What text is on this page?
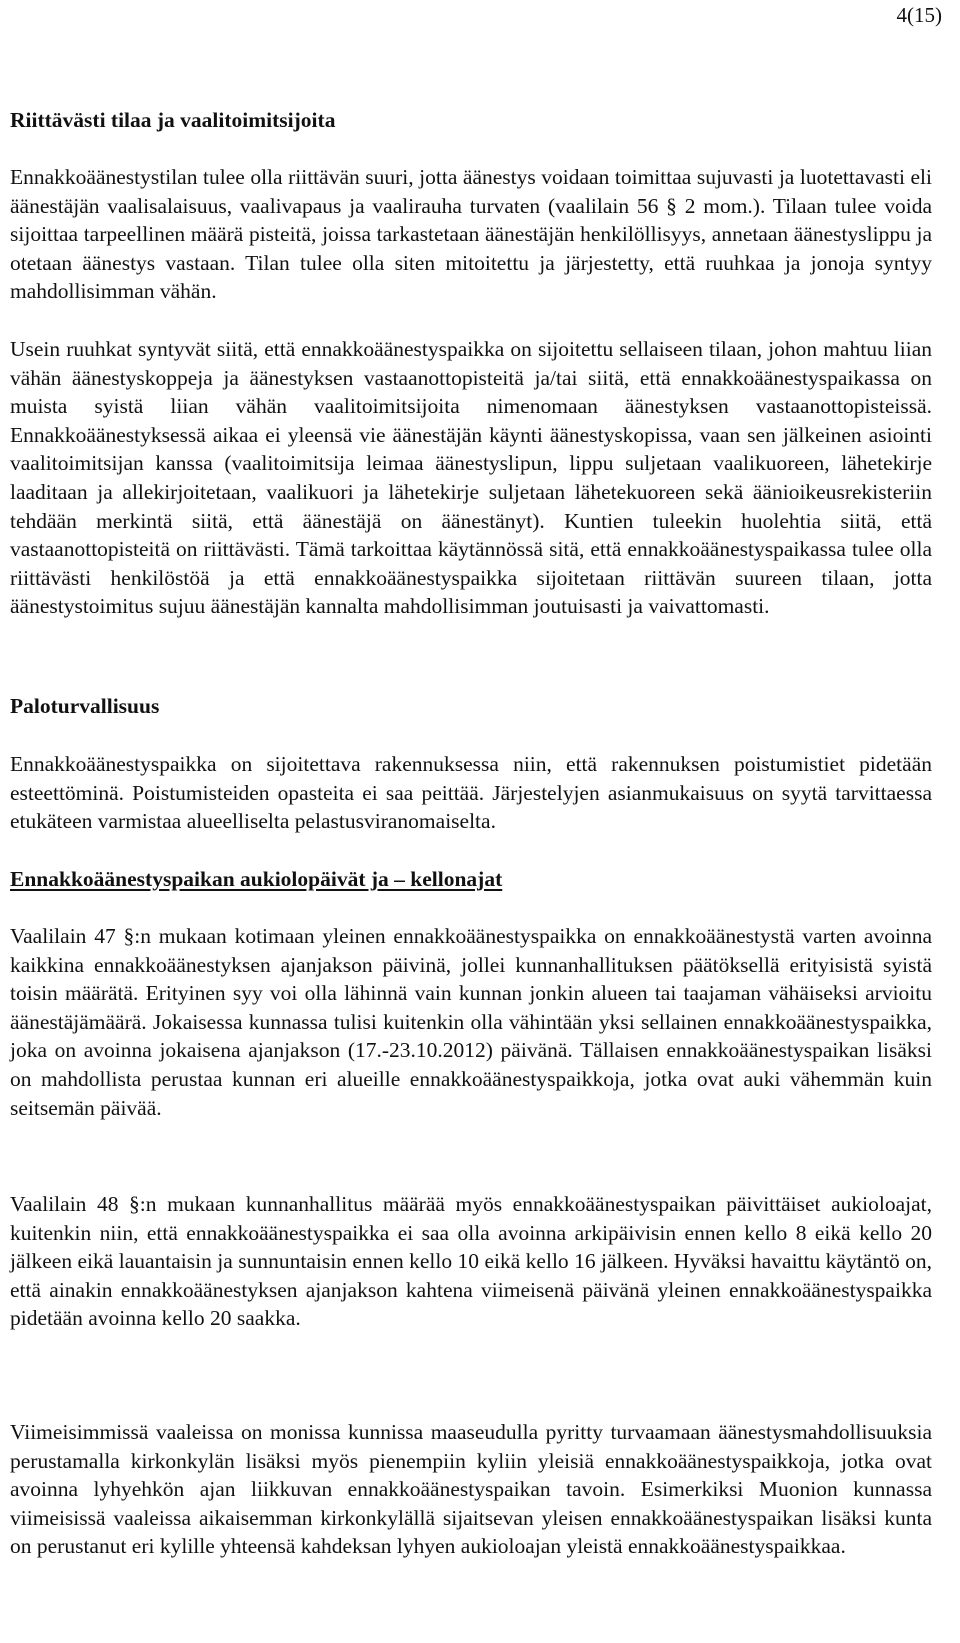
4(15)
Riittävästi tilaa ja vaalitoimitsijoita

Ennakkoäänestystilan tulee olla riittävän suuri, jotta äänestys voidaan toimittaa sujuvasti ja luotettavasti eli äänestäjän vaalisalaisuus, vaalivapaus ja vaalirauha turvaten (vaalilain 56 § 2 mom.). Tilaan tulee voida sijoittaa tarpeellinen määrä pisteitä, joissa tarkastetaan äänestäjän henkilöllisyys, annetaan äänestyslippu ja otetaan äänestys vastaan. Tilan tulee olla siten mitoitettu ja järjestetty, että ruuhkaa ja jonoja syntyy mahdollisimman vähän.

Usein ruuhkat syntyvät siitä, että ennakkoäänestyspaikka on sijoitettu sellaiseen tilaan, johon mahtuu liian vähän äänestyskoppeja ja äänestyksen vastaanottopisteitä ja/tai siitä, että ennakkoäänestyspaikassa on muista syistä liian vähän vaalitoimitsijoita nimenomaan äänestyksen vastaanottopisteissä. Ennakkoäänestyksessä aikaa ei yleensä vie äänestäjän käynti äänestyskopissa, vaan sen jälkeinen asiointi vaalitoimitsijan kanssa (vaalitoimitsija leimaa äänestyslipun, lippu suljetaan vaalikuoreen, lähetekirje laaditaan ja allekirjoitetaan, vaalikuori ja lähetekirje suljetaan lähetekuoreen sekä äänioikeusrekisteriin tehdään merkintä siitä, että äänestäjä on äänestänyt). Kuntien tuleekin huolehtia siitä, että vastaanottopisteitä on riittävästi. Tämä tarkoittaa käytännössä sitä, että ennakkoäänestyspaikassa tulee olla riittävästi henkilöstöä ja että ennakkoäänestyspaikka sijoitetaan riittävän suureen tilaan, jotta äänestystoimitus sujuu äänestäjän kannalta mahdollisimman joutuisasti ja vaivattomasti.

Paloturvallisuus

Ennakkoäänestyspaikka on sijoitettava rakennuksessa niin, että rakennuksen poistumistiet pidetään esteettöminä. Poistumisteiden opasteita ei saa peittää. Järjestelyjen asianmukaisuus on syytä tarvittaessa etukäteen varmistaa alueelliselta pelastusviranomaiselta.

Ennakkoäänestyspaikan aukiolopäivät ja – kellonajat

Vaalilain 47 §:n mukaan kotimaan yleinen ennakkoäänestyspaikka on ennakkoäänestystä varten avoinna kaikkina ennakkoäänestyksen ajanjakson päivinä, jollei kunnanhallituksen päätöksellä erityisistä syistä toisin määrätä. Erityinen syy voi olla lähinnä vain kunnan jonkin alueen tai taajaman vähäiseksi arvioitu äänestäjämäärä. Jokaisessa kunnassa tulisi kuitenkin olla vähintään yksi sellainen ennakkoäänestyspaikka, joka on avoinna jokaisena ajanjakson (17.-23.10.2012) päivänä. Tällaisen ennakkoäänestyspaikan lisäksi on mahdollista perustaa kunnan eri alueille ennakkoäänestyspaikkoja, jotka ovat auki vähemmän kuin seitsemän päivää.

Vaalilain 48 §:n mukaan kunnanhallitus määrää myös ennakkoäänestyspaikan päivittäiset aukioloajat, kuitenkin niin, että ennakkoäänestyspaikka ei saa olla avoinna arkipäivisin ennen kello 8 eikä kello 20 jälkeen eikä lauantaisin ja sunnuntaisin ennen kello 10 eikä kello 16 jälkeen. Hyväksi havaittu käytäntö on, että ainakin ennakkoäänestyksen ajanjakson kahtena viimeisenä päivänä yleinen ennakkoäänestyspaikka pidetään avoinna kello 20 saakka.

Viimeisimmissä vaaleissa on monissa kunnissa maaseudulla pyritty turvaamaan äänestysmahdollisuuksia perustamalla kirkonkylän lisäksi myös pienempiin kyliin yleisiä ennakkoäänestyspaikkoja, jotka ovat avoinna lyhyehkön ajan liikkuvan ennakkoäänestyspaikan tavoin. Esimerkiksi Muonion kunnassa viimeisissä vaaleissa aikaisemman kirkonkylällä sijaitsevan yleisen ennakkoäänestyspaikan lisäksi kunta on perustanut eri kylille yhteensä kahdeksan lyhyen aukioloajan yleistä ennakkoäänestyspaikkaa.
